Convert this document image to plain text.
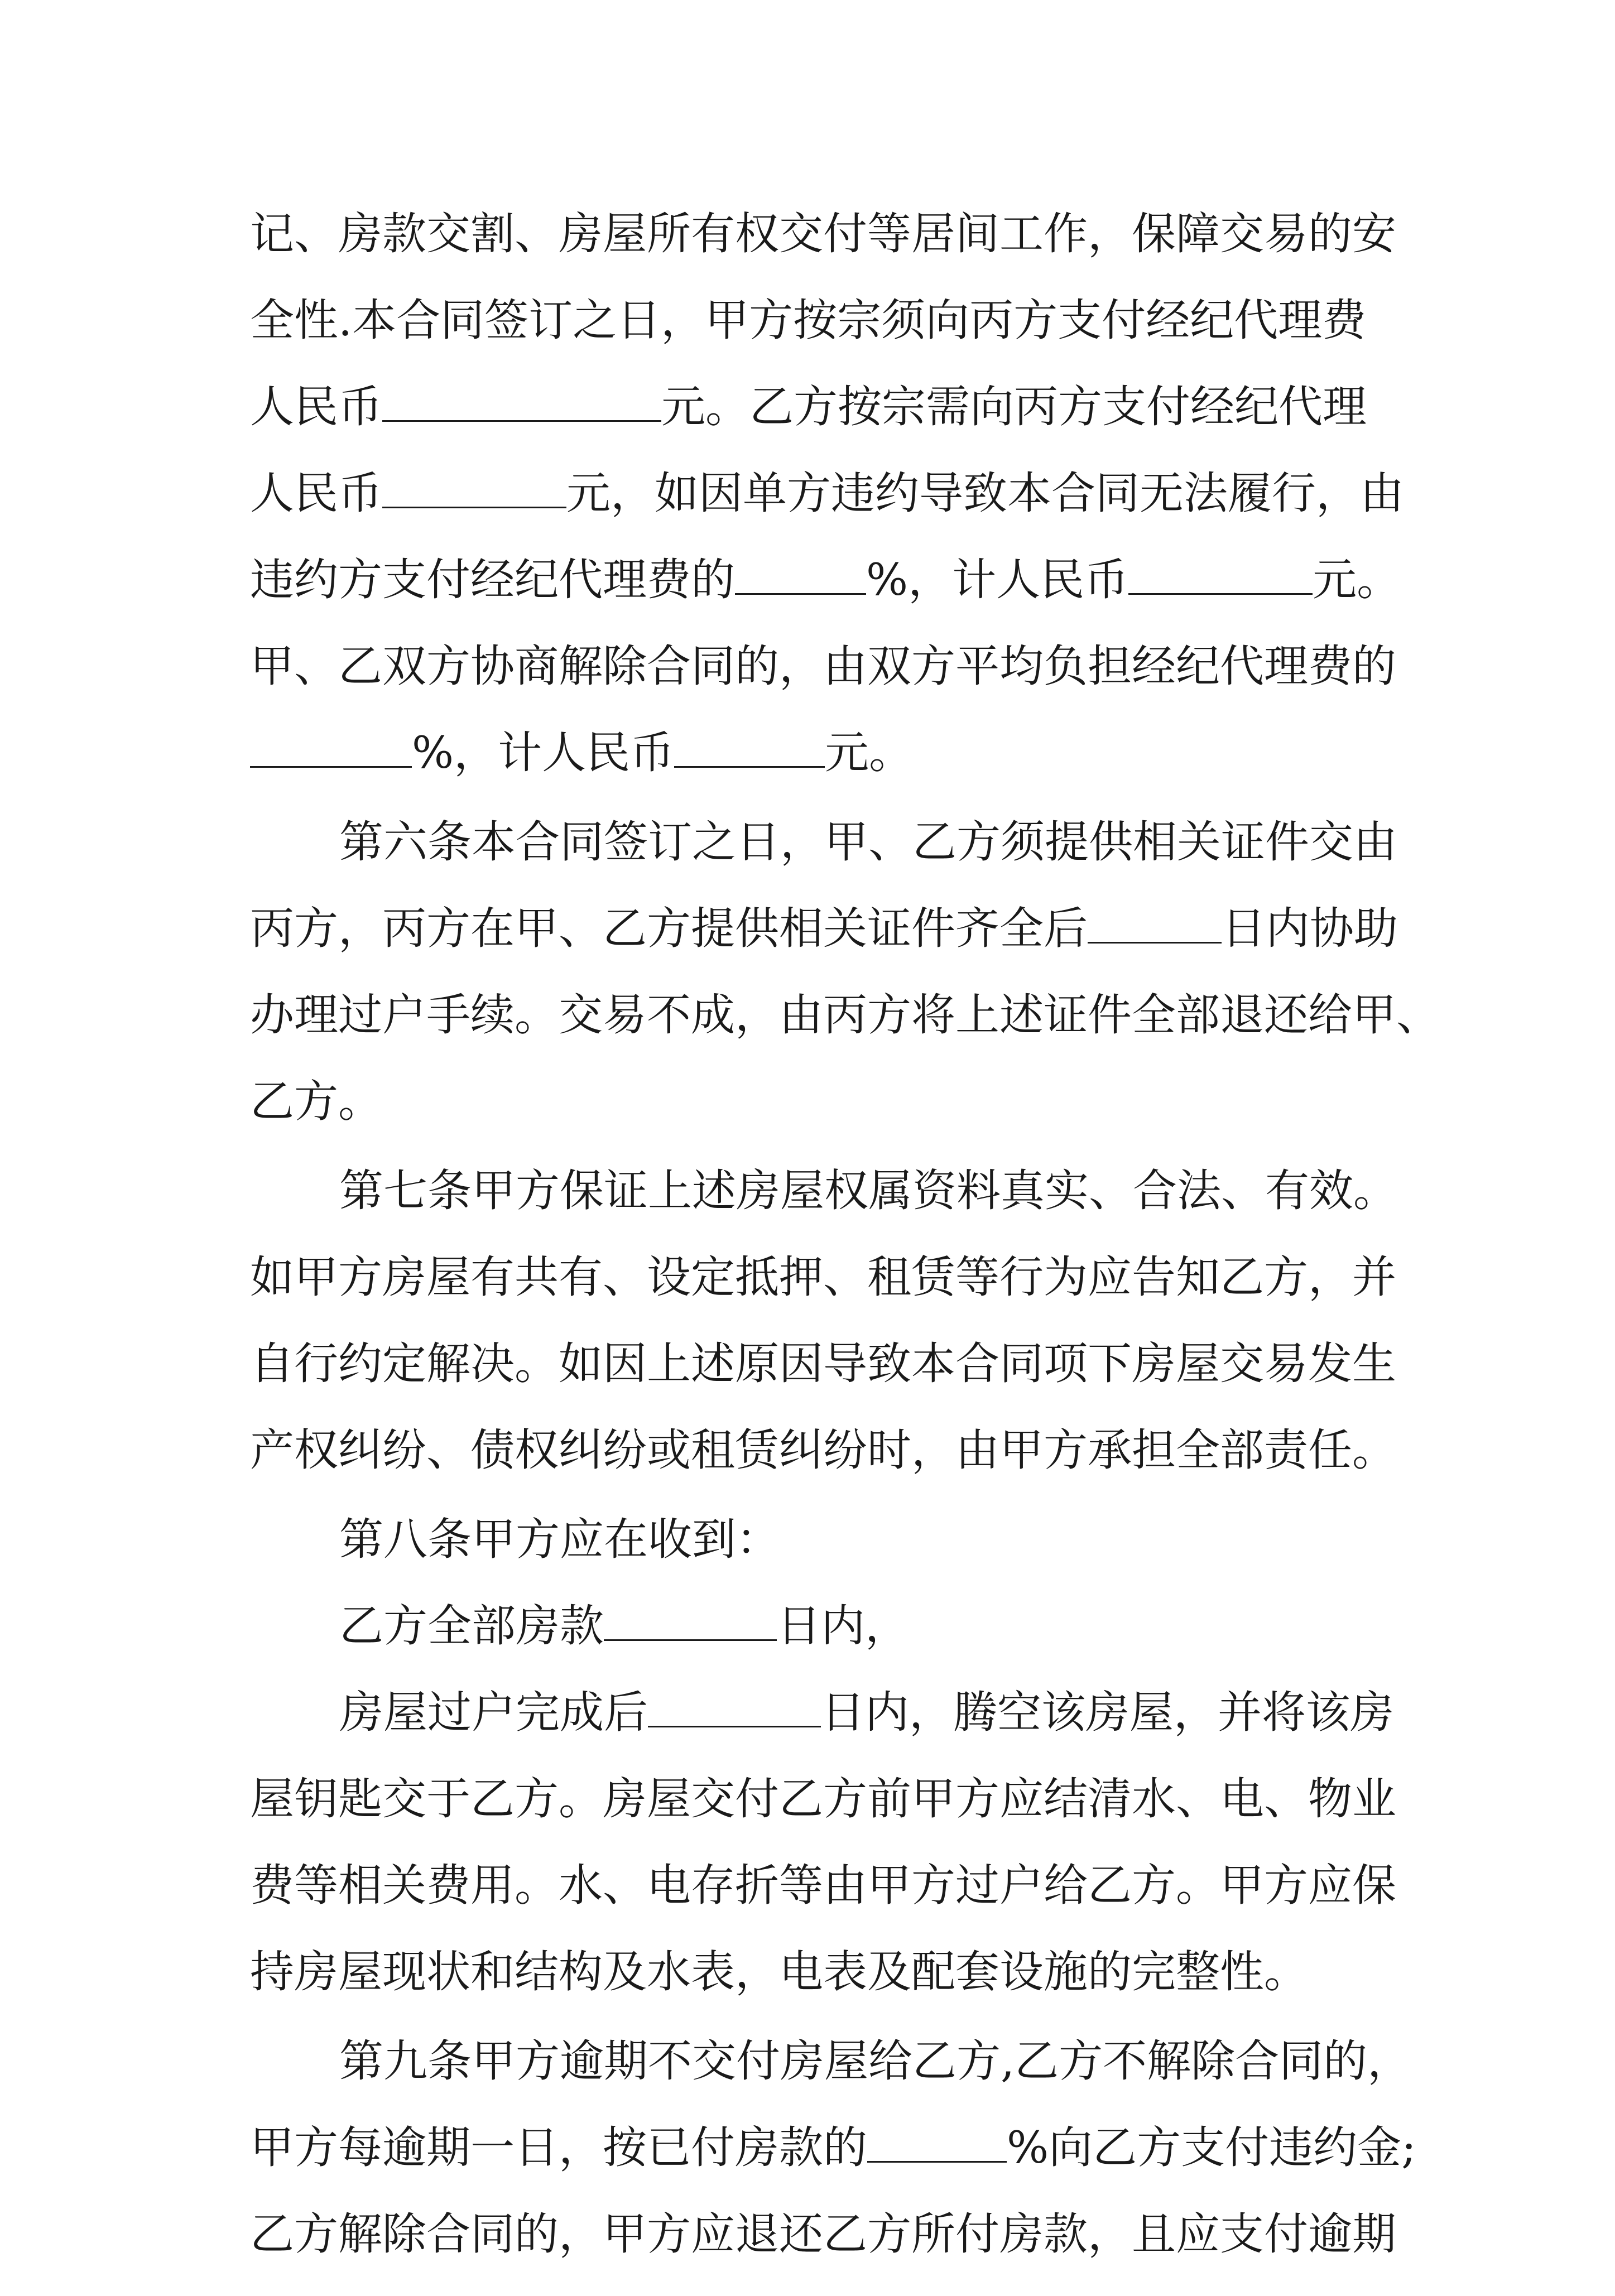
记、房款交割、房屋所有权交付等居间工作，保障交易的安
全性.本合同签订之日，甲方按宗须向丙方支付经纪代理费
人民币	元。乙方按宗需向丙方支付经纪代理
人民币	元，如因单方违约导致本合同无法履行，由
违约方支付经纪代理费的	%，计人民币	元。
甲、乙双方协商解除合同的，由双方平均负担经纪代理费的
%，计人民币	元。
第六条本合同签订之日，甲、乙方须提供相关证件交由
丙方，丙方在甲、乙方提供相关证件齐全后	日内协助
办理过户手续。交易不成，由丙方将上述证件全部退还给甲、
乙方。
第七条甲方保证上述房屋权属资料真实、合法、有效。
如甲方房屋有共有、设定抵押、租赁等行为应告知乙方，并
自行约定解决。如因上述原因导致本合同项下房屋交易发生
产权纠纷、债权纠纷或租赁纠纷时，由甲方承担全部责任。
第八条甲方应在收到：
乙方全部房款	日内，
房屋过户完成后	日内，腾空该房屋，并将该房
屋钥匙交于乙方。房屋交付乙方前甲方应结清水、电、物业
费等相关费用。水、电存折等由甲方过户给乙方。甲方应保
持房屋现状和结构及水表，电表及配套设施的完整性。
第九条甲方逾期不交付房屋给乙方,乙方不解除合同的，
甲方每逾期一日，按已付房款的	%向乙方支付违约金;
乙方解除合同的，甲方应退还乙方所付房款，且应支付逾期
